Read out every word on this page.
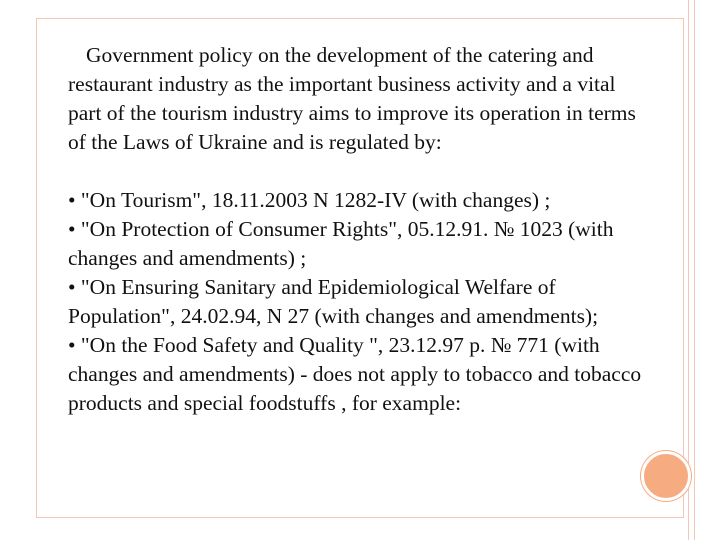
Government policy on the development of the catering and restaurant industry as the important business activity and a vital part of the tourism industry aims to improve its operation in terms of the Laws of Ukraine and is regulated by:

• "On Tourism", 18.11.2003 N 1282-IV (with changes) ;

• "On Protection of Consumer Rights", 05.12.91. № 1023 (with changes and amendments) ;

• "On Ensuring Sanitary and Epidemiological Welfare of Population", 24.02.94, N 27 (with changes and amendments);

• "On the Food Safety and Quality ", 23.12.97 p. № 771 (with changes and amendments) - does not apply to tobacco and tobacco products and special foodstuffs , for example:
